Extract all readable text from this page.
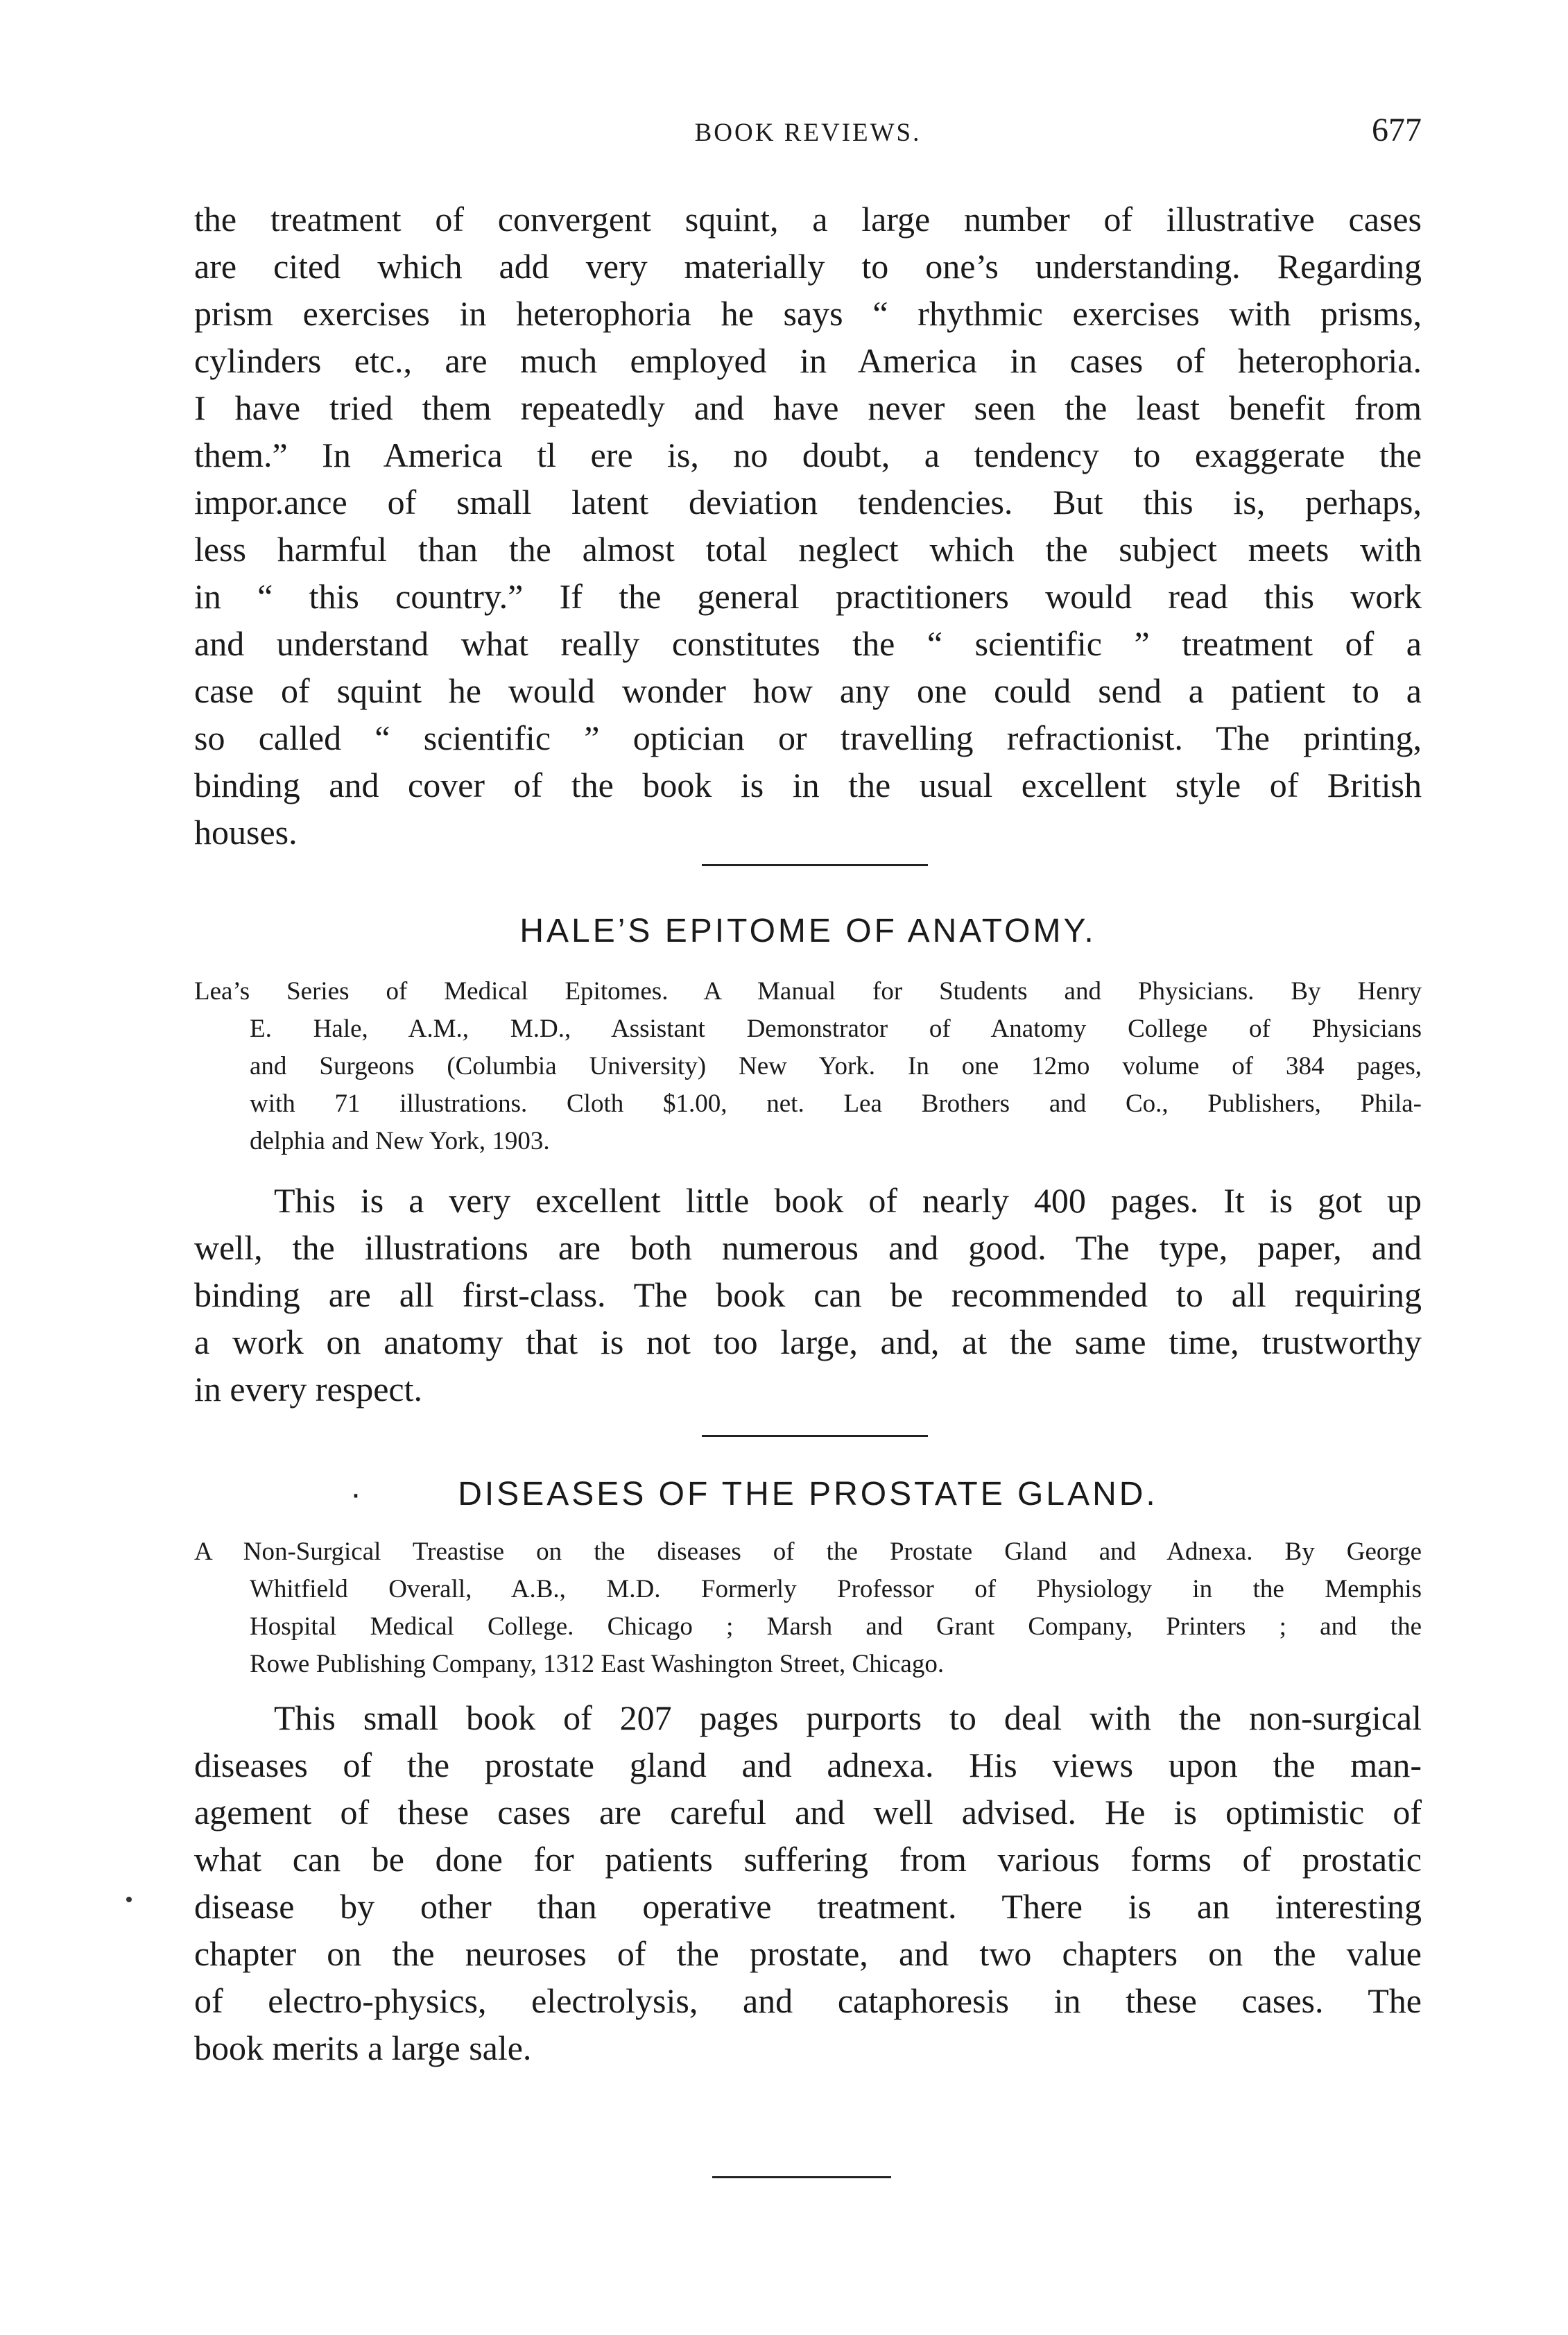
BOOK REVIEWS.	677
the treatment of convergent squint, a large number of illustrative cases
are cited which add very materially to one’s understanding. Regarding
prism exercises in heterophoria he says “ rhythmic exercises with prisms,
cylinders etc., are much employed in America in cases of heterophoria.
I have tried them repeatedly and have never seen the least benefit from
them.” In America tl ere is, no doubt, a tendency to exaggerate the
impor.ance of small latent deviation tendencies. But this is, perhaps,
less harmful than the almost total neglect which the subject meets with
in “ this country.” If the general practitioners would read this work
and understand what really constitutes the “ scientific ” treatment of a
case of squint he would wonder how any one could send a patient to a
so called “ scientific ” optician or travelling refractionist. The printing,
binding and cover of the book is in the usual excellent style of British
houses.
HALE’S EPITOME OF ANATOMY.
Lea’s Series of Medical Epitomes. A Manual for Students and Physicians. By Henry
E. Hale, A.M., M.D., Assistant Demonstrator of Anatomy College of Physicians
and Surgeons (Columbia University) New York. In one 12mo volume of 384 pages,
with 71 illustrations. Cloth $1.00, net. Lea Brothers and Co., Publishers, Phila-
delphia and New York, 1903.
This is a very excellent little book of nearly 400 pages. It is got up
well, the illustrations are both numerous and good. The type, paper, and
binding are all first-class. The book can be recommended to all requiring
a work on anatomy that is not too large, and, at the same time, trustworthy
in every respect.
·	DISEASES OF THE PROSTATE GLAND.
A Non-Surgical Treastise on the diseases of the Prostate Gland and Adnexa. By George
Whitfield Overall, A.B., M.D. Formerly Professor of Physiology in the Memphis
Hospital Medical College. Chicago ; Marsh and Grant Company, Printers ; and the
Rowe Publishing Company, 1312 East Washington Street, Chicago.
This small book of 207 pages purports to deal with the non-surgical
diseases of the prostate gland and adnexa. His views upon the man-
agement of these cases are careful and well advised. He is optimistic of
what can be done for patients suffering from various forms of prostatic
disease by other than operative treatment. There is an interesting
chapter on the neuroses of the prostate, and two chapters on the value
of electro-physics, electrolysis, and cataphoresis in these cases. The
book merits a large sale.
